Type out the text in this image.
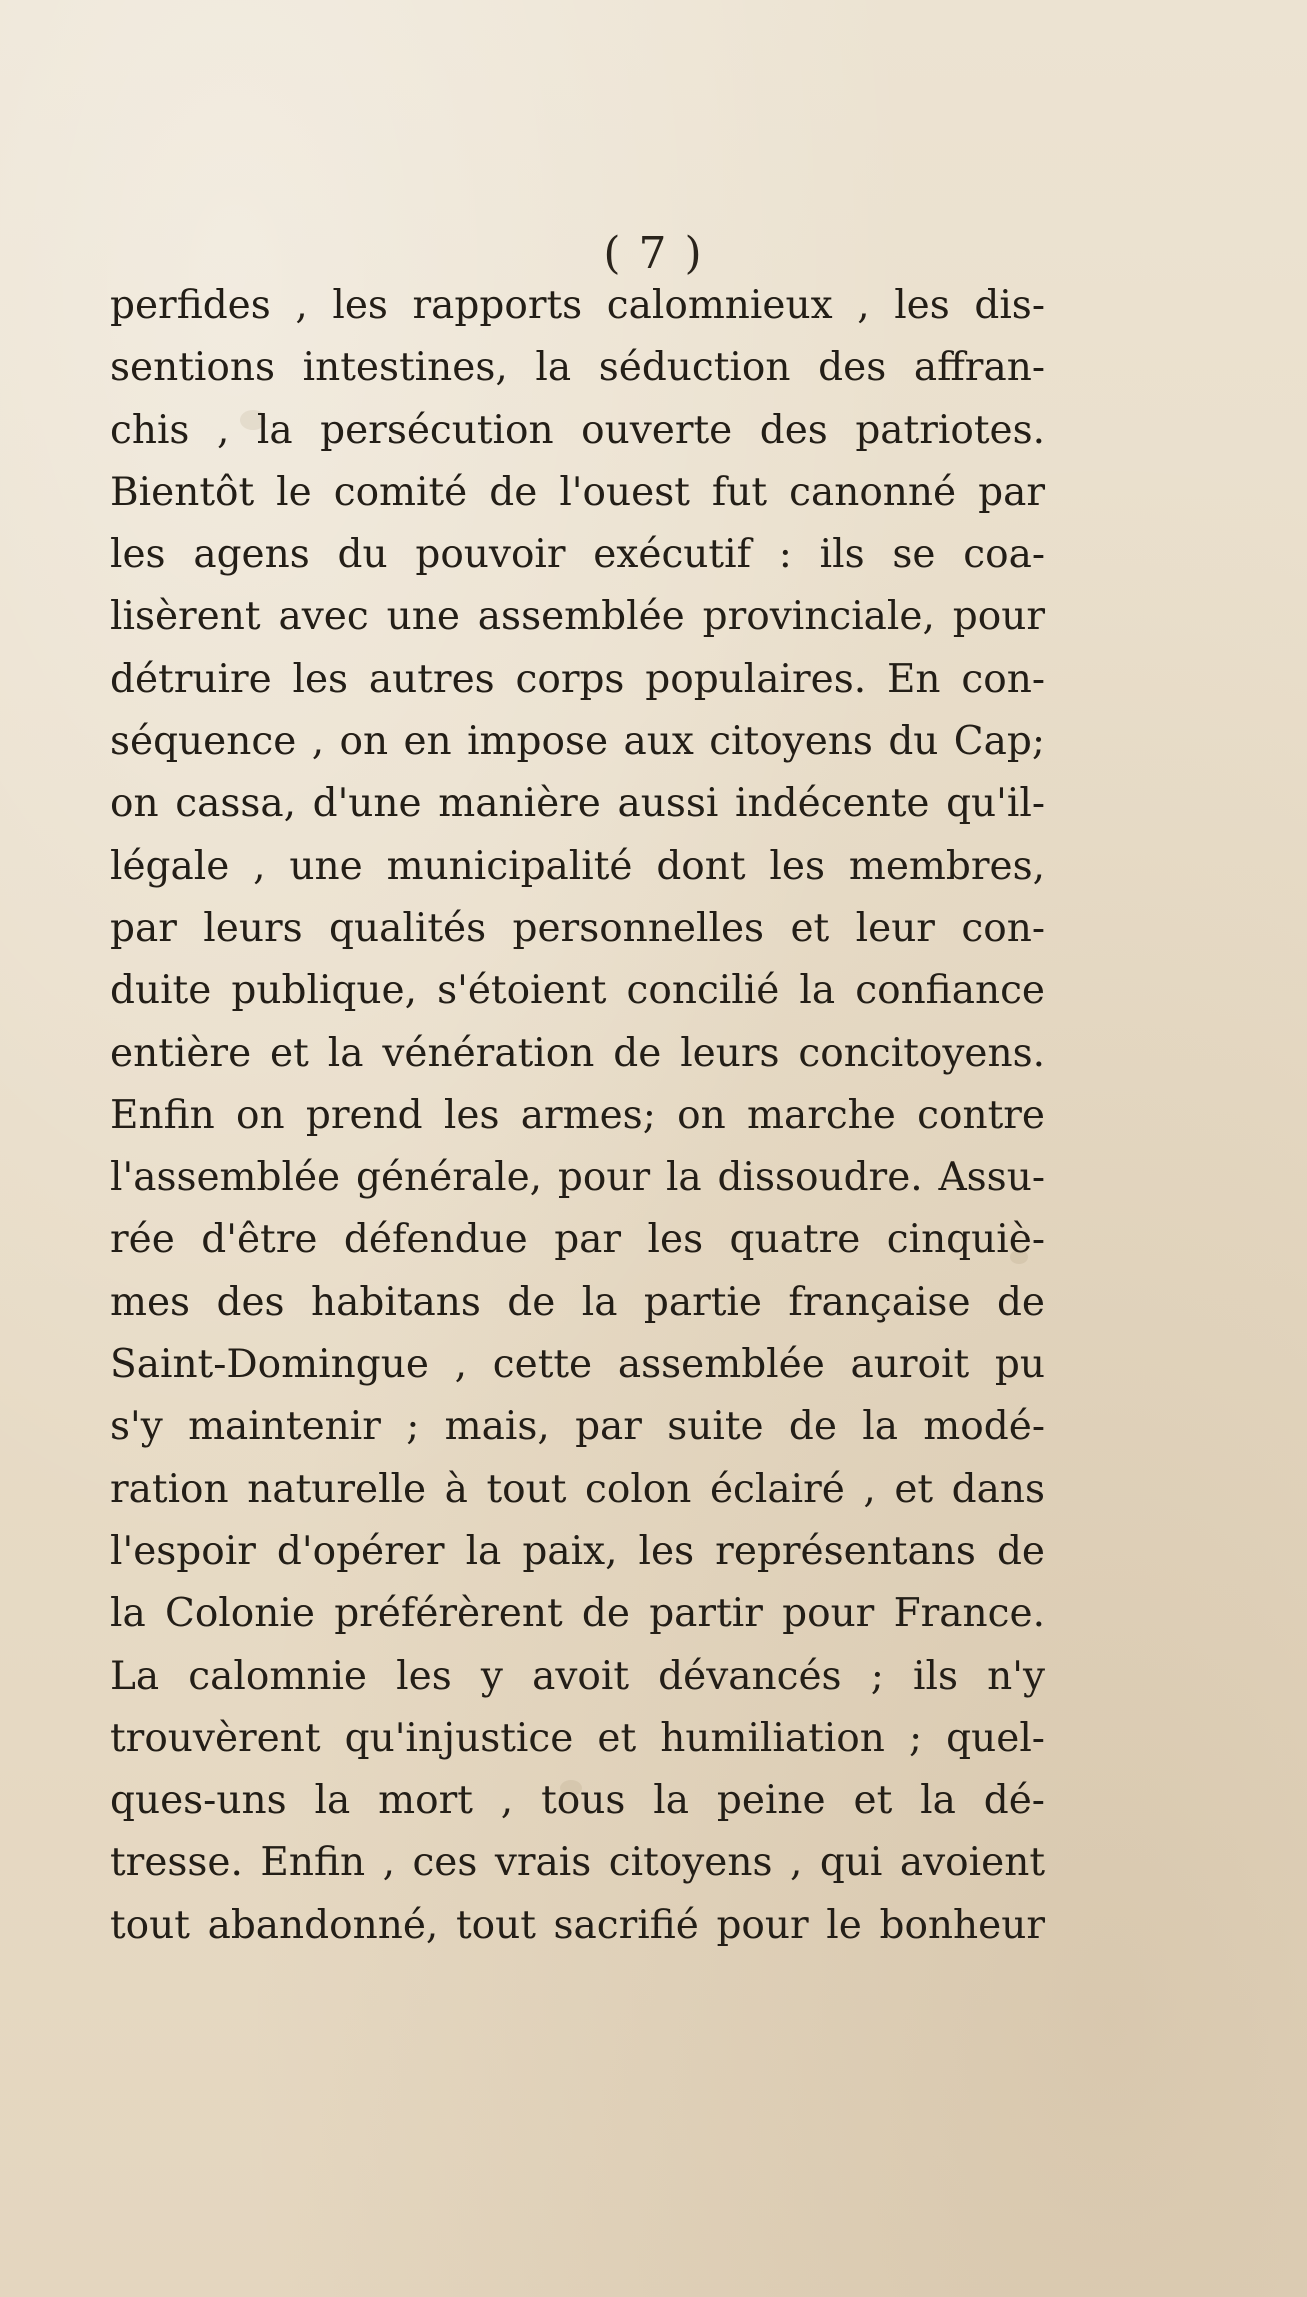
( 7 )
perfides , les rapports calomnieux , les dis-
sentions intestines, la séduction des affran-
chis , la persécution ouverte des patriotes.
Bientôt le comité de l'ouest fut canonné par
les agens du pouvoir exécutif : ils se coa-
lisèrent avec une assemblée provinciale, pour
détruire les autres corps populaires. En con-
séquence , on en impose aux citoyens du Cap;
on cassa, d'une manière aussi indécente qu'il-
légale , une municipalité dont les membres,
par leurs qualités personnelles et leur con-
duite publique, s'étoient concilié la confiance
entière et la vénération de leurs concitoyens.
Enfin on prend les armes; on marche contre
l'assemblée générale, pour la dissoudre. Assu-
rée d'être défendue par les quatre cinquiè-
mes des habitans de la partie française de
Saint-Domingue , cette assemblée auroit pu
s'y maintenir ; mais, par suite de la modé-
ration naturelle à tout colon éclairé , et dans
l'espoir d'opérer la paix, les représentans de
la Colonie préférèrent de partir pour France.
La calomnie les y avoit dévancés ; ils n'y
trouvèrent qu'injustice et humiliation ; quel-
ques-uns la mort , tous la peine et la dé-
tresse. Enfin , ces vrais citoyens , qui avoient
tout abandonné, tout sacrifié pour le bonheur
